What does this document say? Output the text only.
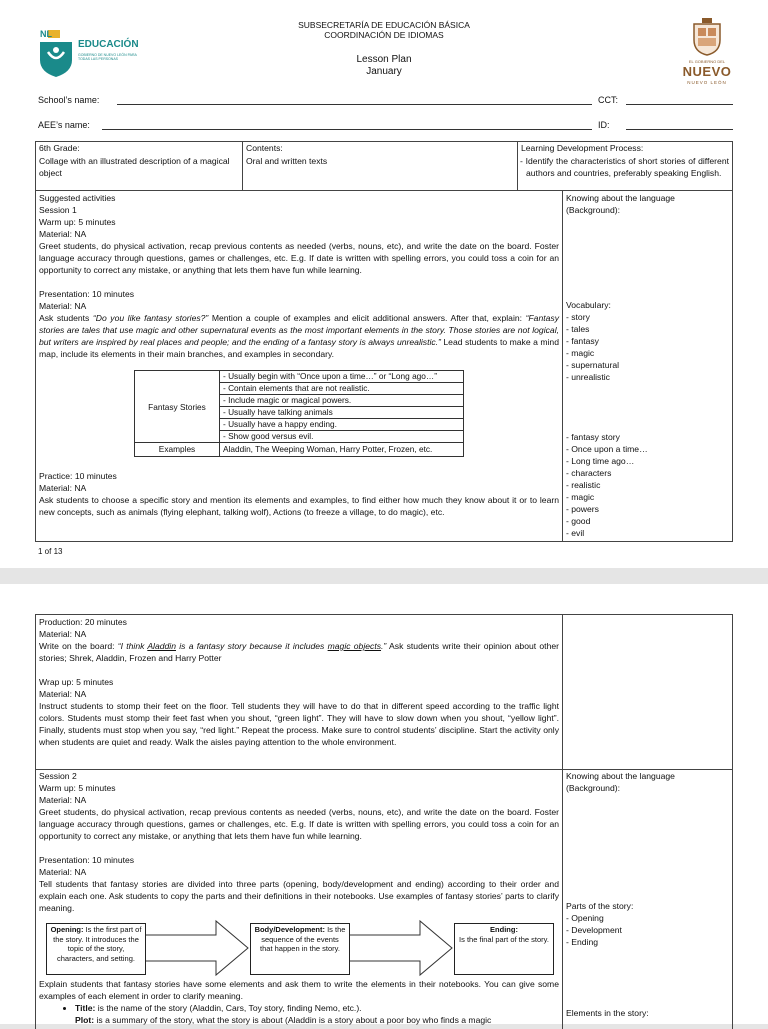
NL
EDUCACIÓN
GOBIERNO DE NUEVO LEÓN PARA TODAS LAS PERSONAS
SUBSECRETARÍA DE EDUCACIÓN BÁSICA
COORDINACIÓN DE IDIOMAS
Lesson Plan
January
EL GOBIERNO DEL
NUEVO
NUEVO LEÓN
School’s name:	CCT:
AEE’s name:	ID:
6th Grade:
Collage with an illustrated description of a magical object
Contents:
Oral and written texts
Learning Development Process:
- Identify the characteristics of short stories of different authors and countries, preferably speaking English.

Suggested activities

Session 1

Warm up: 5 minutes

Material: NA

Greet students, do physical activation, recap previous contents as needed (verbs, nouns, etc), and write the date on the board. Foster language accuracy through questions, games or challenges, etc. E.g. If date is written with spelling errors, you could toss a coin for an opportunity to correct any mistake, or anything that lets them have fun while learning.

Presentation: 10 minutes

Material: NA

Ask students “Do you like fantasy stories?” Mention a couple of examples and elicit additional answers. After that, explain: “Fantasy stories are tales that use magic and other supernatural events as the most important elements in the story. Those stories are not logical, but writers are inspired by real places and people; and the ending of a fantasy story is always unrealistic.” Lead students to make a mind map, include its elements in their main branches, and examples in secondary.

Fantasy Stories	- Usually begin with “Once upon a time…” or “Long ago…”
	- Contain elements that are not realistic.
	- Include magic or magical powers.
	- Usually have talking animals
	- Usually have a happy ending.
	- Show good versus evil.
Examples	Aladdin, The Weeping Woman, Harry Potter, Frozen, etc.

Practice: 10 minutes

Material: NA

Ask students to choose a specific story and mention its elements and examples, to find either how much they know about it or to learn new concepts, such as animals (flying elephant, talking wolf), Actions (to freeze a village, to do magic), etc.

Knowing about the language (Background):

Vocabulary:

- story

- tales

- fantasy

- magic

- supernatural

- unrealistic

- fantasy story

- Once upon a time…

- Long time ago…

- characters

- realistic

- magic

- powers

- good

- evil

1 of 13

Production: 20 minutes

Material: NA

Write on the board: “I think Aladdin is a fantasy story because it includes magic objects.” Ask students write their opinion about other stories; Shrek, Aladdin, Frozen and Harry Potter

Wrap up: 5 minutes

Material: NA

Instruct students to stomp their feet on the floor. Tell students they will have to do that in different speed according to the traffic light colors. Students must stomp their feet fast when you shout, “green light”. They will have to slow down when you shout, “yellow light”. Finally, students must stop when you say, “red light.” Repeat the process. Make sure to control students’ discipline. Start the activity only when students are quiet and ready. Walk the aisles paying attention to the whole environment.

Session 2

Warm up: 5 minutes

Material: NA

Greet students, do physical activation, recap previous contents as needed (verbs, nouns, etc), and write the date on the board. Foster language accuracy through questions, games or challenges, etc. E.g. If date is written with spelling errors, you could toss a coin for an opportunity to correct any mistake, or anything that lets them have fun while learning.

Presentation: 10 minutes

Material: NA

Tell students that fantasy stories are divided into three parts (opening, body/development and ending) according to their order and explain each one. Ask students to copy the parts and their definitions in their notebooks. Use examples of fantasy stories’ parts to clarify meaning.

Opening: Is the first part of the story. It introduces the topic of the story, characters, and setting.
Body/Development: Is the sequence of the events that happen in the story.
Ending:
Is the final part of the story.

Explain students that fantasy stories have some elements and ask them to write the elements in their notebooks. You can give some examples of each element in order to clarify meaning.

• Title: is the name of the story (Aladdin, Cars, Toy story, finding Nemo, etc.).
• Plot: is a summary of the story, what the story is about (Aladdin is a story about a poor boy who finds a magic

Knowing about the language (Background):

Parts of the story:

- Opening

- Development

- Ending

Elements in the story:
